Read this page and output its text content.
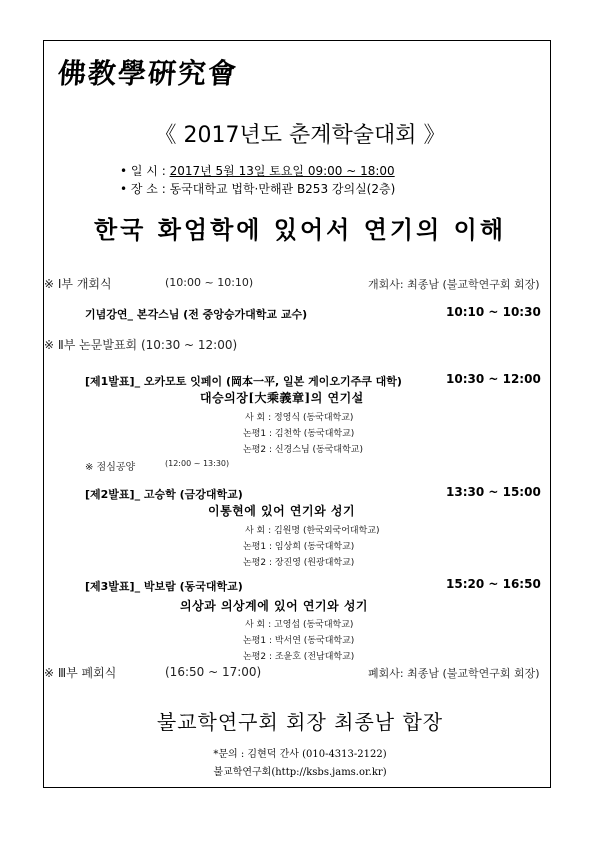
佛教學硏究會
《 2017년도 춘계학술대회 》
• 일 시 : 2017년 5월 13일 토요일 09:00 ~ 18:00
• 장 소 : 동국대학교 법학·만해관 B253 강의실(2층)
한국 화엄학에 있어서 연기의 이해
※ Ⅰ부 개회식	(10:00 ~ 10:10)	개회사: 최종남 (불교학연구회 회장)
기념강연_ 본각스님 (전 중앙승가대학교 교수)	10:10 ~ 10:30
※ Ⅱ부 논문발표회 (10:30 ~ 12:00)
[제1발표]_ 오카모토 잇페이 (岡本一平, 일본 게이오기주쿠 대학)	10:30 ~ 12:00
대승의장[大乘義章]의 연기설
사 회 : 정영식 (동국대학교)
논평1 : 김천학 (동국대학교)
논평2 : 신경스님 (동국대학교)
※ 점심공양	(12:00 ~ 13:30)
[제2발표]_ 고승학 (금강대학교)	13:30 ~ 15:00
이통현에 있어 연기와 성기
사 회 : 김원명 (한국외국어대학교)
논평1 : 임상희 (동국대학교)
논평2 : 장진영 (원광대학교)
[제3발표]_ 박보람 (동국대학교)	15:20 ~ 16:50
의상과 의상계에 있어 연기와 성기
사 회 : 고영섭 (동국대학교)
논평1 : 박서연 (동국대학교)
논평2 : 조윤호 (전남대학교)
※ Ⅲ부 폐회식	(16:50 ~ 17:00)	폐회사: 최종남 (불교학연구회 회장)
불교학연구회 회장 최종남 합장
*문의 : 김현덕 간사 (010-4313-2122)
불교학연구회(http://ksbs.jams.or.kr)
